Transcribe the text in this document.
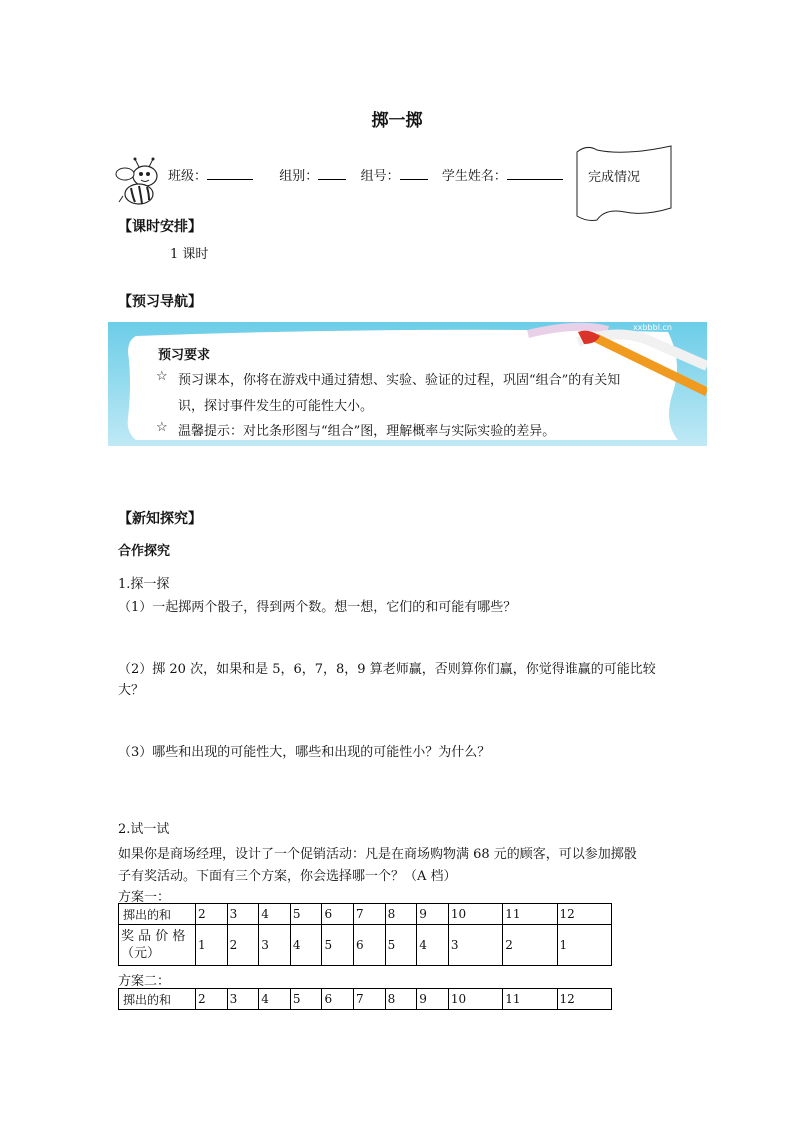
掷一掷
班级：	组别：	组号：	学生姓名：	完成情况
【课时安排】
1 课时
【预习导航】
xxbbbl.cn
预习要求
☆ 预习课本，你将在游戏中通过猜想、实验、验证的过程，巩固“组合”的有关知
识，探讨事件发生的可能性大小。
☆ 温馨提示：对比条形图与“组合”图，理解概率与实际实验的差异。
【新知探究】
合作探究
1.探一探
（1）一起掷两个骰子，得到两个数。想一想，它们的和可能有哪些？
（2）掷 20 次，如果和是 5，6，7，8，9 算老师赢，否则算你们赢，你觉得谁赢的可能比较
大？
（3）哪些和出现的可能性大，哪些和出现的可能性小？为什么？
2.试一试
如果你是商场经理，设计了一个促销活动：凡是在商场购物满 68 元的顾客，可以参加掷骰
子有奖活动。下面有三个方案，你会选择哪一个？（A 档）
方案一：
掷出的和	2	3	4	5	6	7	8	9	10	11	12

奖 品 价 格
（元）	1	2	3	4	5	6	5	4	3	2	1
方案二：
掷出的和	2	3	4	5	6	7	8	9	10	11	12
